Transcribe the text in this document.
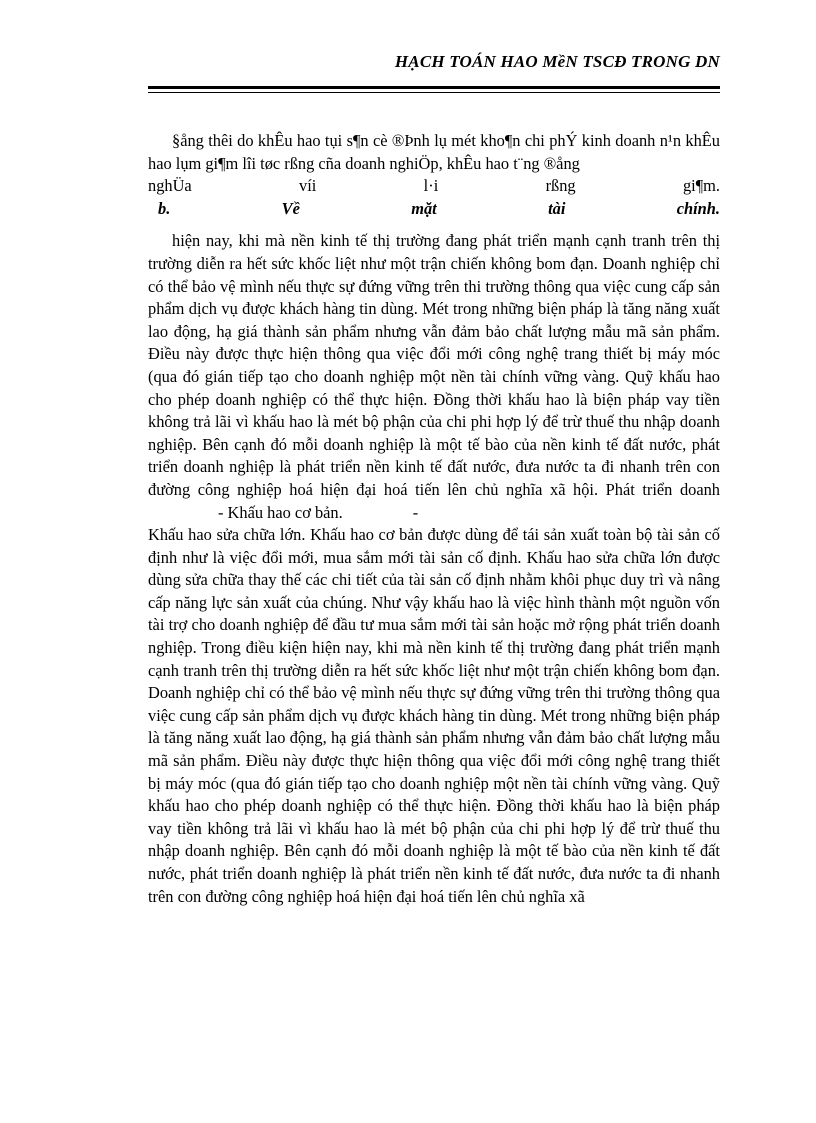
HẠCH TOÁN HAO MềN TSCĐ TRONG DN

§ång thêi do khÊu hao tụi s¶n cè ®Þnh lụ mét kho¶n chi phÝ kinh doanh n¹n khÊu hao lụm gi¶m lîi tøc rßng cña doanh nghiÖp, khÊu hao t¨ng ®ång

nghÜa víi l·i rßng gi¶m.

b. Về mặt tài chính.

hiện nay, khi mà nền kinh tế thị trường đang phát triển mạnh cạnh tranh trên thị trường diễn ra hết sức khốc liệt như một trận chiến không bom đạn. Doanh nghiệp chỉ có thể bảo vệ mình nếu thực sự đứng vững trên thi trường thông qua việc cung cấp sản phẩm dịch vụ được khách hàng tin dùng. Mét trong những biện pháp là tăng năng xuất lao động, hạ giá thành sản phẩm nhưng vẫn đảm bảo chất lượng mẫu mã sản phẩm. Điều này được thực hiện thông qua việc đổi mới công nghệ trang thiết bị máy móc (qua đó gián tiếp tạo cho doanh nghiệp một nền tài chính vững vàng. Quỹ khấu hao cho phép doanh nghiệp có thể thực hiện. Đồng thời khấu hao là biện pháp vay tiền không trả lãi vì khấu hao là mét bộ phận của chi phi hợp lý để trừ thuế thu nhập doanh nghiệp. Bên cạnh đó mỗi doanh nghiệp là một tế bào của nền kinh tế đất nước, phát triển doanh nghiệp là phát triển nền kinh tế đất nước, đưa nước ta đi nhanh trên con đường công nghiệp hoá hiện đại hoá tiến lên chủ nghĩa xã hội. Phát triển doanh- Khấu hao cơ bản.	-

Khấu hao sửa chữa lớn. Khấu hao cơ bản được dùng để tái sản xuất toàn bộ tài sản cố định như là việc đổi mới, mua sắm mới tài sản cố định. Khấu hao sửa chữa lớn được dùng sửa chữa thay thế các chi tiết của tài sản cố định nhằm khôi phục duy trì và nâng cấp năng lực sản xuất của chúng. Như vậy khấu hao là việc hình thành một nguồn vốn tài trợ cho doanh nghiệp để đầu tư mua sắm mới tài sản hoặc mở rộng phát triển doanh nghiệp. Trong điều kiện hiện nay, khi mà nền kinh tế thị trường đang phát triển mạnh cạnh tranh trên thị trường diễn ra hết sức khốc liệt như một trận chiến không bom đạn. Doanh nghiệp chỉ có thể bảo vệ mình nếu thực sự đứng vững trên thi trường thông qua việc cung cấp sản phẩm dịch vụ được khách hàng tin dùng. Mét trong những biện pháp là tăng năng xuất lao động, hạ giá thành sản phẩm nhưng vẫn đảm bảo chất lượng mẫu mã sản phẩm. Điều này được thực hiện thông qua việc đổi mới công nghệ trang thiết bị máy móc (qua đó gián tiếp tạo cho doanh nghiệp một nền tài chính vững vàng. Quỹ khấu hao cho phép doanh nghiệp có thể thực hiện. Đồng thời khấu hao là biện pháp vay tiền không trả lãi vì khấu hao là mét bộ phận của chi phi hợp lý để trừ thuế thu nhập doanh nghiệp. Bên cạnh đó mỗi doanh nghiệp là một tế bào của nền kinh tế đất nước, phát triển doanh nghiệp là phát triển nền kinh tế đất nước, đưa nước ta đi nhanh trên con đường công nghiệp hoá hiện đại hoá tiến lên chủ nghĩa xã
